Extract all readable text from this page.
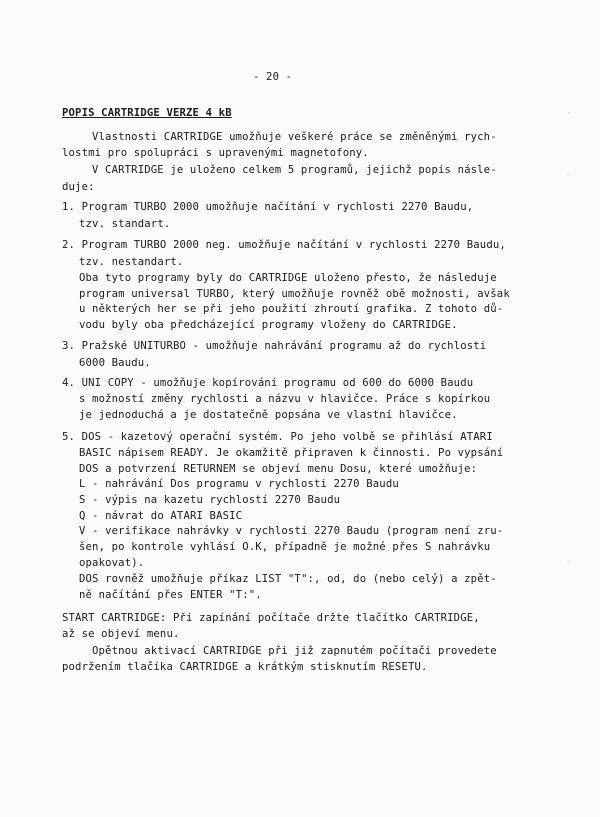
- 20 -
POPIS CARTRIDGE VERZE 4 kB
Vlastnosti CARTRIDGE umožňuje veškeré práce se změněnými rych-
lostmi pro spolupráci s upravenými magnetofony.
V CARTRIDGE je uloženo celkem 5 programů, jejichž popis násle-
duje:
1. Program TURBO 2000 umožňuje načítání v rychlosti 2270 Baudu,
tzv. standart.
2. Program TURBO 2000 neg. umožňuje načítání v rychlosti 2270 Baudu,
tzv. nestandart.
Oba tyto programy byly do CARTRIDGE uloženo přesto, že následuje
program universal TURBO, který umožňuje rovněž obě možnosti, avšak
u některých her se při jeho použití zhroutí grafika. Z tohoto dů-
vodu byly oba předcházející programy vloženy do CARTRIDGE.
3. Pražské UNITURBO - umožňuje nahrávání programu až do rychlosti
6000 Baudu.
4. UNI COPY - umožňuje kopírování programu od 600 do 6000 Baudu
s možností změny rychlosti a názvu v hlavičce. Práce s kopírkou
je jednoduchá a je dostatečně popsána ve vlastní hlavičce.
5. DOS - kazetový operační systém. Po jeho volbě se přihlásí ATARI
BASIC nápisem READY. Je okamžitě připraven k činnosti. Po vypsání
DOS a potvrzení RETURNEM se objeví menu Dosu, které umožňuje:
L - nahrávání Dos programu v rychlosti 2270 Baudu
S - výpis na kazetu rychlostí 2270 Baudu
Q - návrat do ATARI BASIC
V - verifikace nahrávky v rychlosti 2270 Baudu (program není zru-
šen, po kontrole vyhlásí O.K, případně je možné přes S nahrávku
opakovat).
DOS rovněž umožňuje příkaz LIST "T":, od, do (nebo celý) a zpět-
ně načítání přes ENTER "T:".
START CARTRIDGE: Při zapínání počítače držte tlačítko CARTRIDGE,
až se objeví menu.
Opětnou aktivací CARTRIDGE při již zapnutém počítači provedete
podržením tlačíka CARTRIDGE a krátkým stisknutím RESETU.
'
-
-
